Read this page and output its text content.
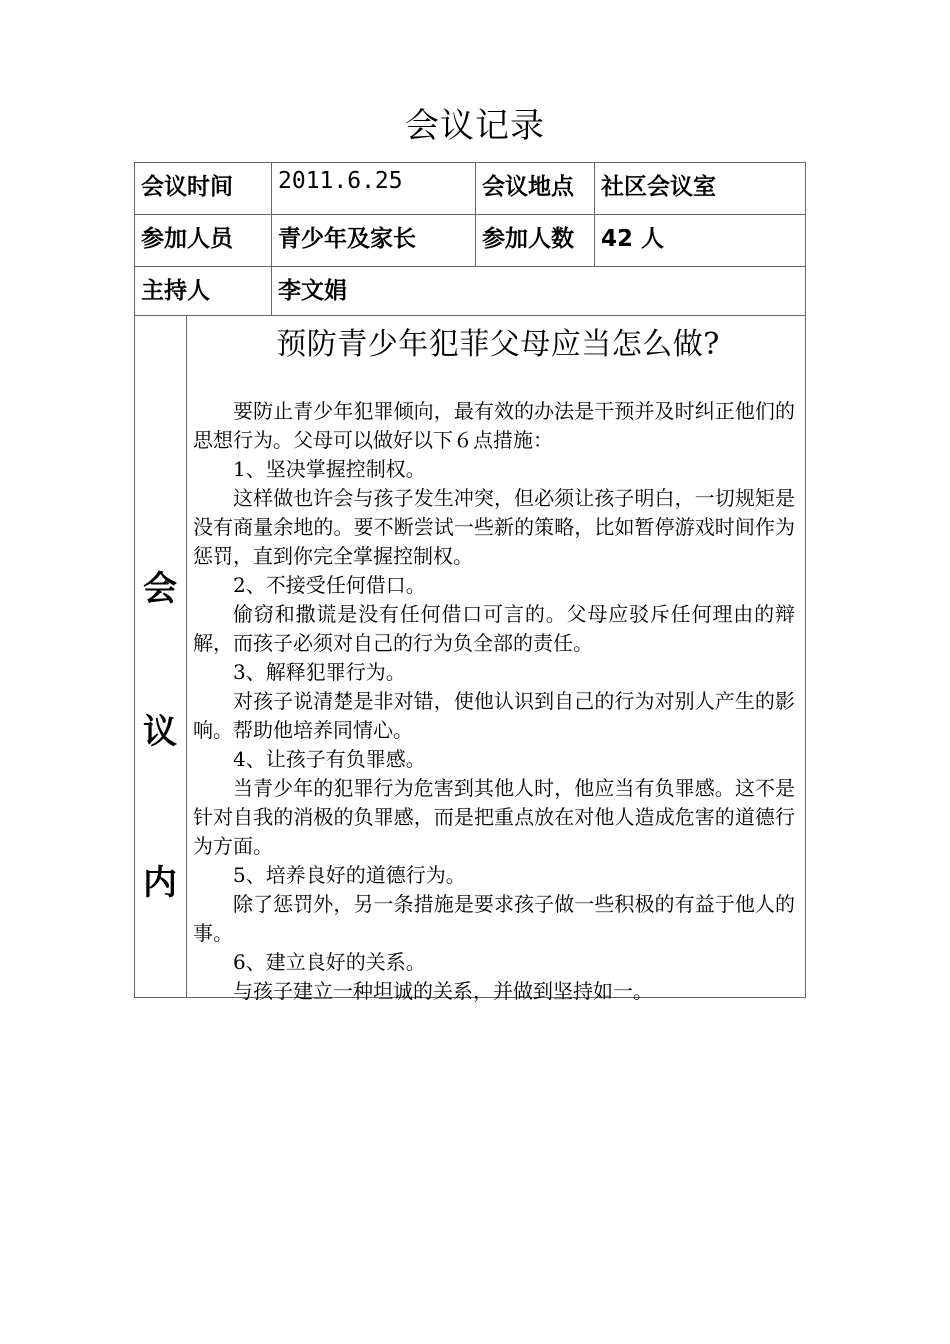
会议记录
会议时间	2011.6.25	会议地点	社区会议室
参加人员	青少年及家长	参加人数	42 人
主持人	李文娟
会
议
内
预防青少年犯菲父母应当怎么做?

要防止青少年犯罪倾向，最有效的办法是干预并及时纠正他们的思想行为。父母可以做好以下６点措施：

1、坚决掌握控制权。

这样做也许会与孩子发生冲突，但必须让孩子明白，一切规矩是没有商量余地的。要不断尝试一些新的策略，比如暂停游戏时间作为惩罚，直到你完全掌握控制权。

2、不接受任何借口。

偷窃和撒谎是没有任何借口可言的。父母应驳斥任何理由的辩解，而孩子必须对自己的行为负全部的责任。

3、解释犯罪行为。

对孩子说清楚是非对错，使他认识到自己的行为对别人产生的影响。帮助他培养同情心。

4、让孩子有负罪感。

当青少年的犯罪行为危害到其他人时，他应当有负罪感。这不是针对自我的消极的负罪感，而是把重点放在对他人造成危害的道德行为方面。

5、培养良好的道德行为。

除了惩罚外，另一条措施是要求孩子做一些积极的有益于他人的事。

6、建立良好的关系。

与孩子建立一种坦诚的关系，并做到坚持如一。
